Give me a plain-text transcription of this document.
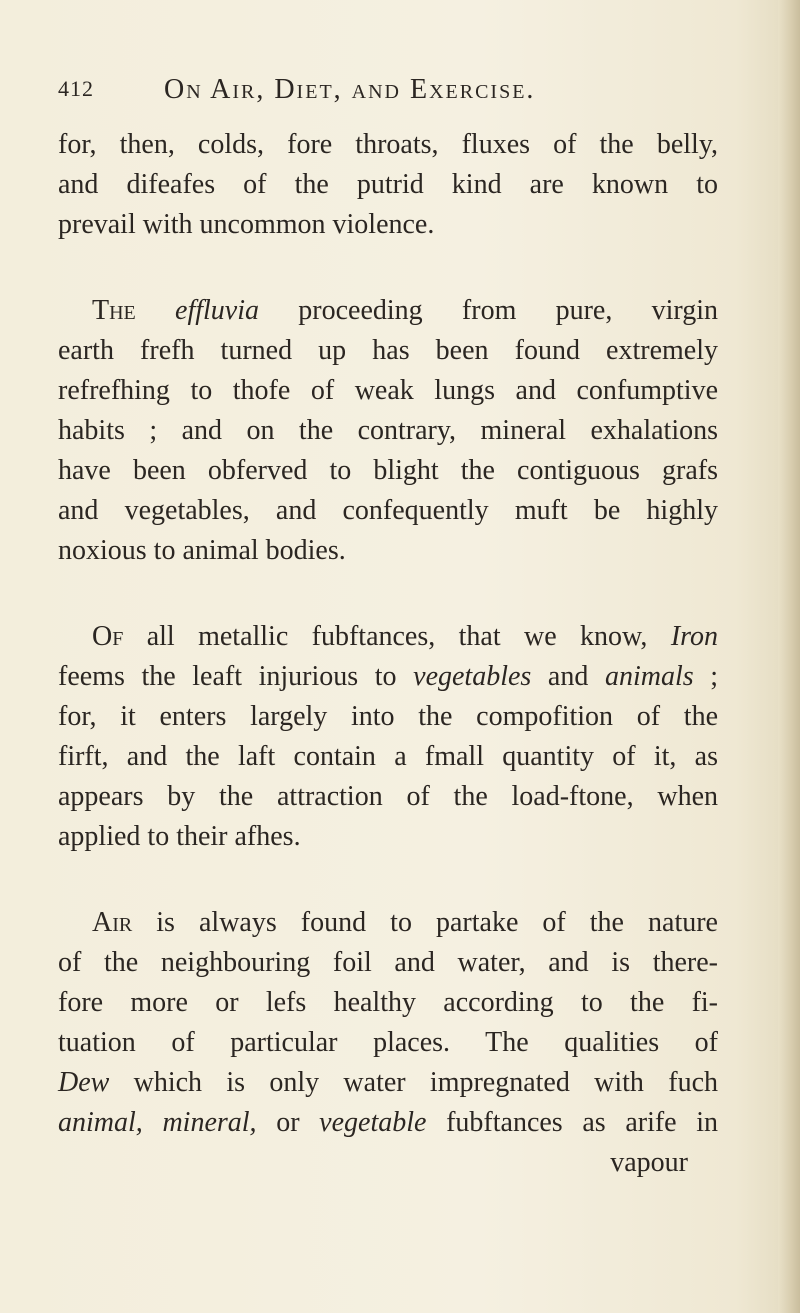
412	On Air, Diet, and Exercise.
for, then, colds, fore throats, fluxes of the belly,
and difeafes of the putrid kind are known to
prevail with uncommon violence.
The effluvia proceeding from pure, virgin
earth frefh turned up has been found extremely
refrefhing to thofe of weak lungs and confumptive
habits ; and on the contrary, mineral exhalations
have been obferved to blight the contiguous grafs
and vegetables, and confequently muft be highly
noxious to animal bodies.
Of all metallic fubftances, that we know, Iron
feems the leaft injurious to vegetables and animals ;
for, it enters largely into the compofition of the
firft, and the laft contain a fmall quantity of it, as
appears by the attraction of the load-ftone, when
applied to their afhes.
Air is always found to partake of the nature
of the neighbouring foil and water, and is there-
fore more or lefs healthy according to the fi-
tuation of particular places. The qualities of
Dew which is only water impregnated with fuch
animal, mineral, or vegetable fubftances as arife in
vapour
